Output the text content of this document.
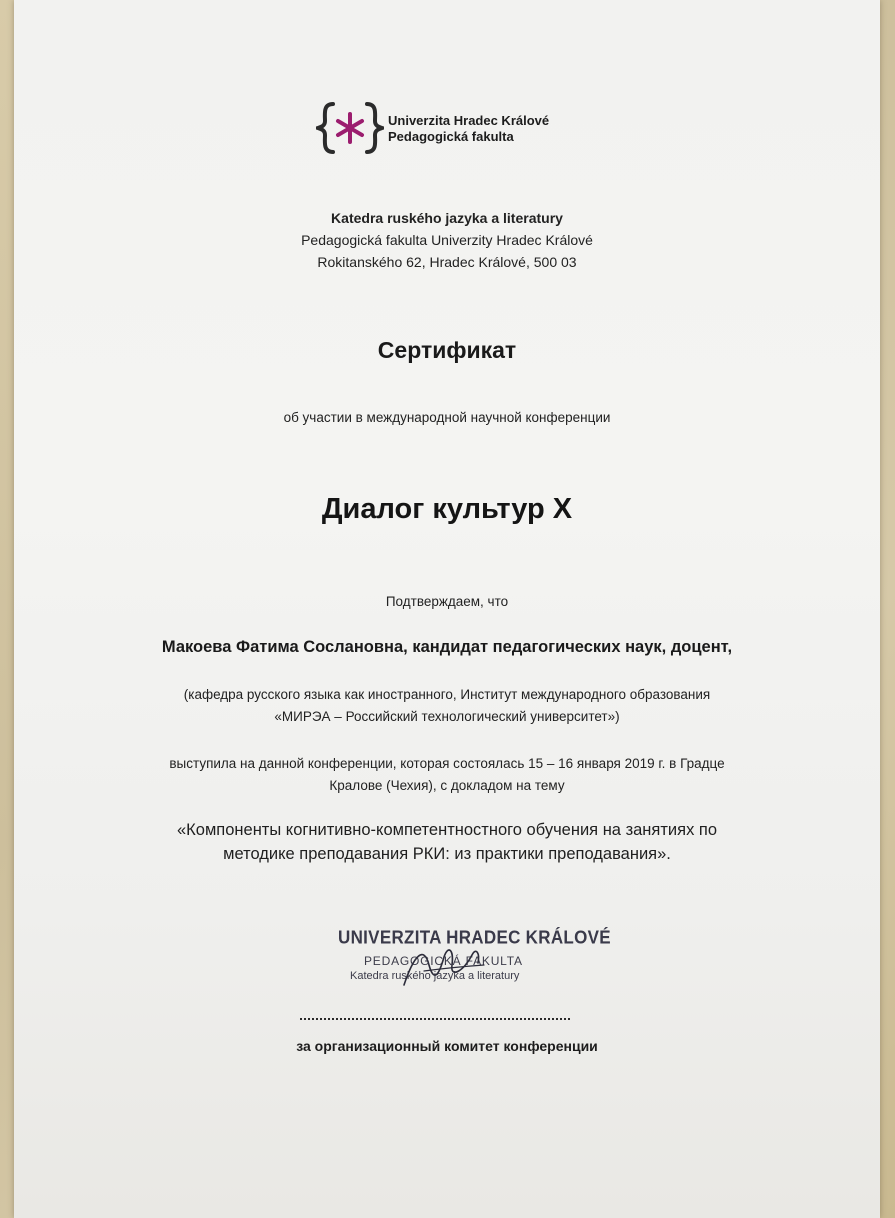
Univerzita Hradec Králové
Pedagogická fakulta
Katedra ruského jazyka a literatury
Pedagogická fakulta Univerzity Hradec Králové
Rokitanského 62, Hradec Králové, 500 03
Сертификат
об участии в международной научной конференции
Диалог культур X
Подтверждаем, что
Макоева Фатима Сослановна, кандидат педагогических наук, доцент,
(кафедра русского языка как иностранного, Институт международного образования
«МИРЭА – Российский технологический университет»)
выступила на данной конференции, которая состоялась 15 – 16 января 2019 г. в Градце
Кралове (Чехия), с докладом на тему
«Компоненты когнитивно-компетентностного обучения на занятиях по
методике преподавания РКИ: из практики преподавания».
UNIVERZITA HRADEC KRÁLOVÉ
PEDAGOGICKÁ FAKULTA
Katedra ruského jazyka a literatury
за организационный комитет конференции
